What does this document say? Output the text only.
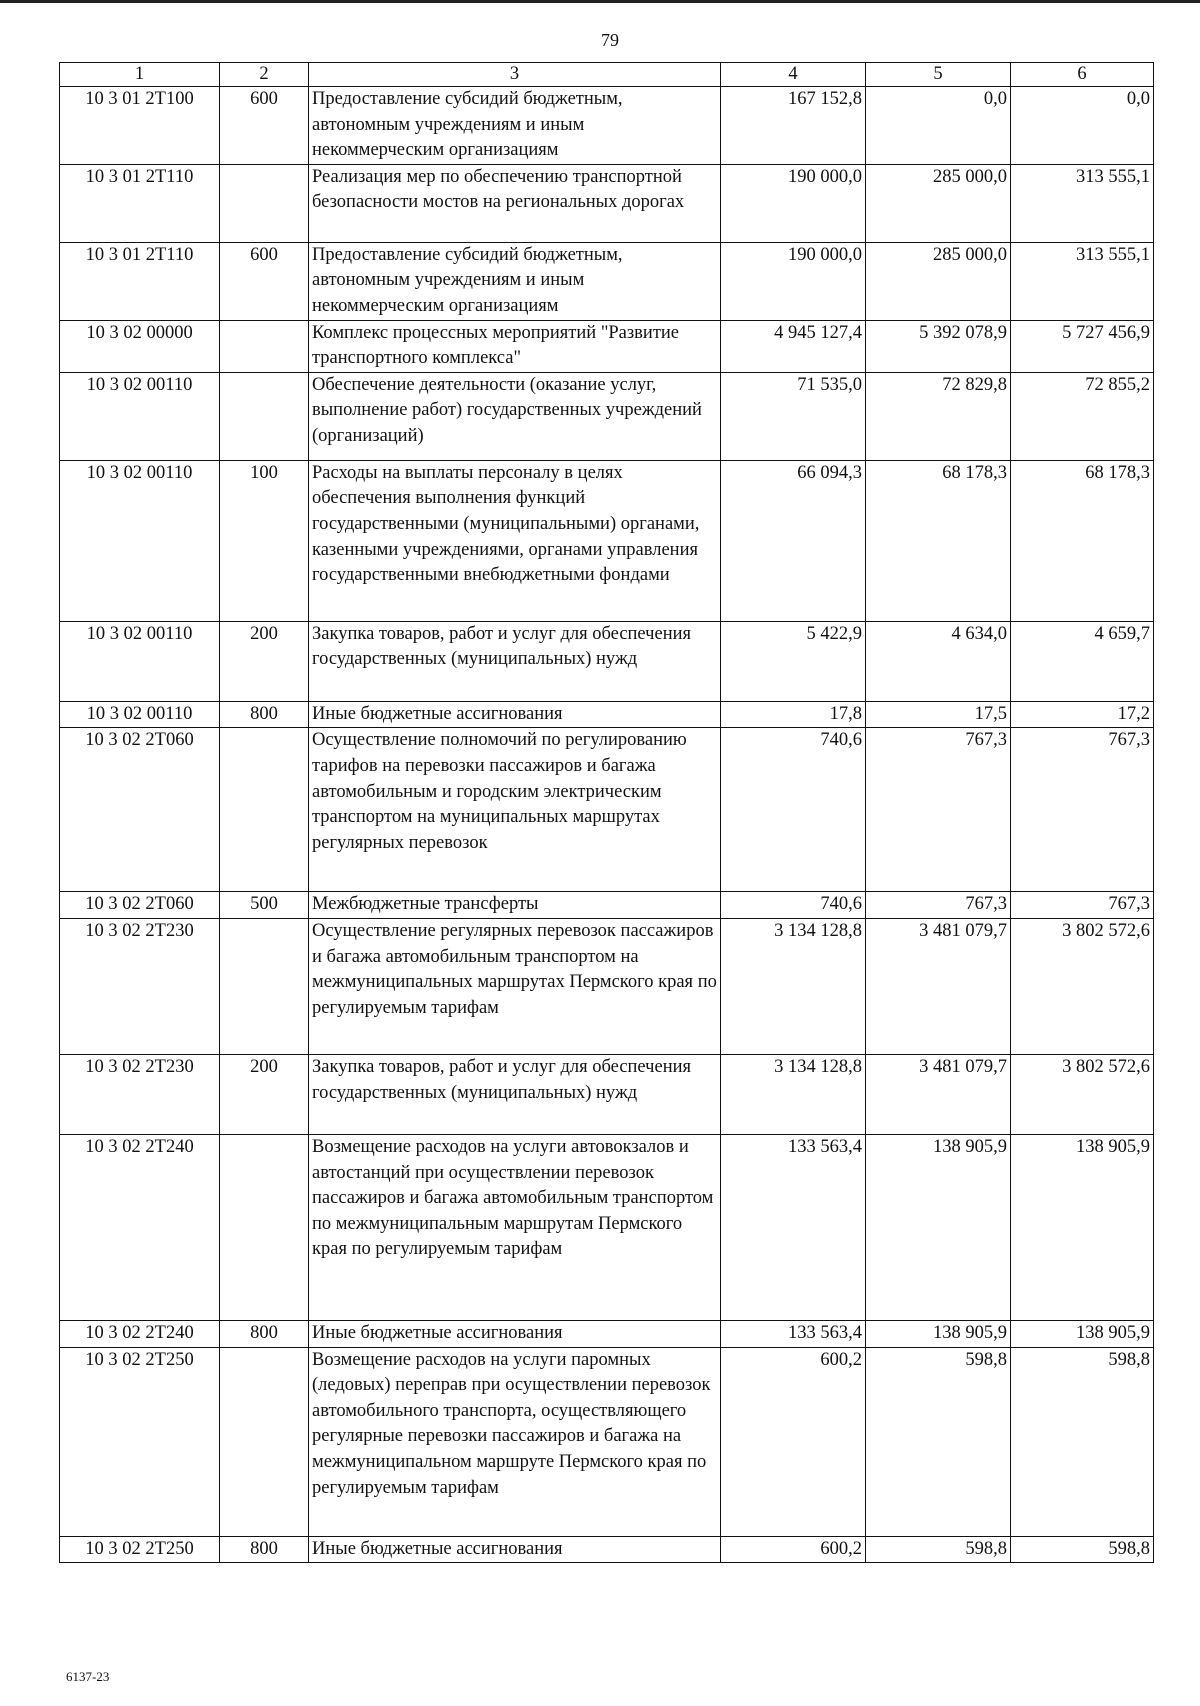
79
1	2	3	4	5	6
10 3 01 2Т100	600	Предоставление субсидий бюджетным, автономным учреждениям и иным некоммерческим организациям	167 152,8	0,0	0,0
10 3 01 2Т110		Реализация мер по обеспечению транспортной безопасности мостов на региональных дорогах	190 000,0	285 000,0	313 555,1
10 3 01 2Т110	600	Предоставление субсидий бюджетным, автономным учреждениям и иным некоммерческим организациям	190 000,0	285 000,0	313 555,1
10 3 02 00000		Комплекс процессных мероприятий "Развитие транспортного комплекса"	4 945 127,4	5 392 078,9	5 727 456,9
10 3 02 00110		Обеспечение деятельности (оказание услуг, выполнение работ) государственных учреждений (организаций)	71 535,0	72 829,8	72 855,2
10 3 02 00110	100	Расходы на выплаты персоналу в целях обеспечения выполнения функций государственными (муниципальными) органами, казенными учреждениями, органами управления государственными внебюджетными фондами	66 094,3	68 178,3	68 178,3
10 3 02 00110	200	Закупка товаров, работ и услуг для обеспечения государственных (муниципальных) нужд	5 422,9	4 634,0	4 659,7
10 3 02 00110	800	Иные бюджетные ассигнования	17,8	17,5	17,2
10 3 02 2Т060		Осуществление полномочий по регулированию тарифов на перевозки пассажиров и багажа автомобильным и городским электрическим транспортом на муниципальных маршрутах регулярных перевозок	740,6	767,3	767,3
10 3 02 2Т060	500	Межбюджетные трансферты	740,6	767,3	767,3
10 3 02 2Т230		Осуществление регулярных перевозок пассажиров и багажа автомобильным транспортом на межмуниципальных маршрутах Пермского края по регулируемым тарифам	3 134 128,8	3 481 079,7	3 802 572,6
10 3 02 2Т230	200	Закупка товаров, работ и услуг для обеспечения государственных (муниципальных) нужд	3 134 128,8	3 481 079,7	3 802 572,6
10 3 02 2Т240		Возмещение расходов на услуги автовокзалов и автостанций при осуществлении перевозок пассажиров и багажа автомобильным транспортом по межмуниципальным маршрутам Пермского края по регулируемым тарифам	133 563,4	138 905,9	138 905,9
10 3 02 2Т240	800	Иные бюджетные ассигнования	133 563,4	138 905,9	138 905,9
10 3 02 2Т250		Возмещение расходов на услуги паромных (ледовых) переправ при осуществлении перевозок автомобильного транспорта, осуществляющего регулярные перевозки пассажиров и багажа на межмуниципальном маршруте Пермского края по регулируемым тарифам	600,2	598,8	598,8
10 3 02 2Т250	800	Иные бюджетные ассигнования	600,2	598,8	598,8
6137-23
